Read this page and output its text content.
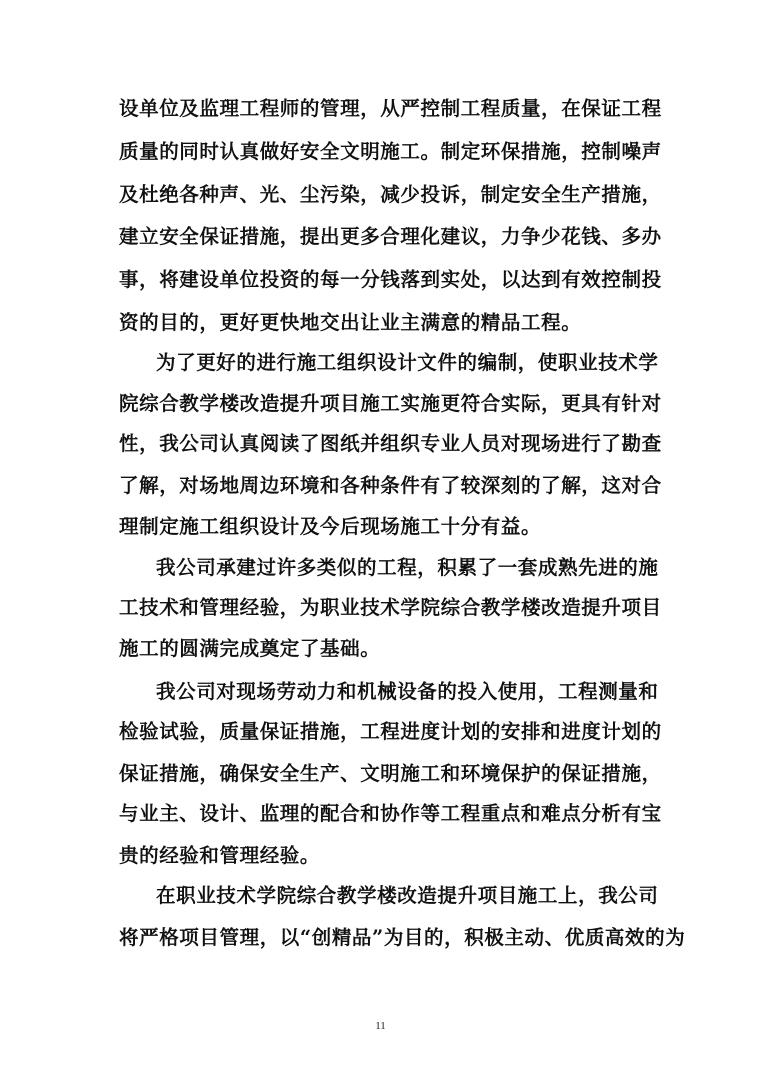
设单位及监理工程师的管理，从严控制工程质量，在保证工程
质量的同时认真做好安全文明施工。制定环保措施，控制噪声
及杜绝各种声、光、尘污染，减少投诉，制定安全生产措施，
建立安全保证措施，提出更多合理化建议，力争少花钱、多办
事，将建设单位投资的每一分钱落到实处，以达到有效控制投
资的目的，更好更快地交出让业主满意的精品工程。
为了更好的进行施工组织设计文件的编制，使职业技术学
院综合教学楼改造提升项目施工实施更符合实际，更具有针对
性，我公司认真阅读了图纸并组织专业人员对现场进行了勘查
了解，对场地周边环境和各种条件有了较深刻的了解，这对合
理制定施工组织设计及今后现场施工十分有益。
我公司承建过许多类似的工程，积累了一套成熟先进的施
工技术和管理经验，为职业技术学院综合教学楼改造提升项目
施工的圆满完成奠定了基础。
我公司对现场劳动力和机械设备的投入使用，工程测量和
检验试验，质量保证措施，工程进度计划的安排和进度计划的
保证措施，确保安全生产、文明施工和环境保护的保证措施，
与业主、设计、监理的配合和协作等工程重点和难点分析有宝
贵的经验和管理经验。
在职业技术学院综合教学楼改造提升项目施工上，我公司
将严格项目管理，以“创精品”为目的，积极主动、优质高效的为
11
